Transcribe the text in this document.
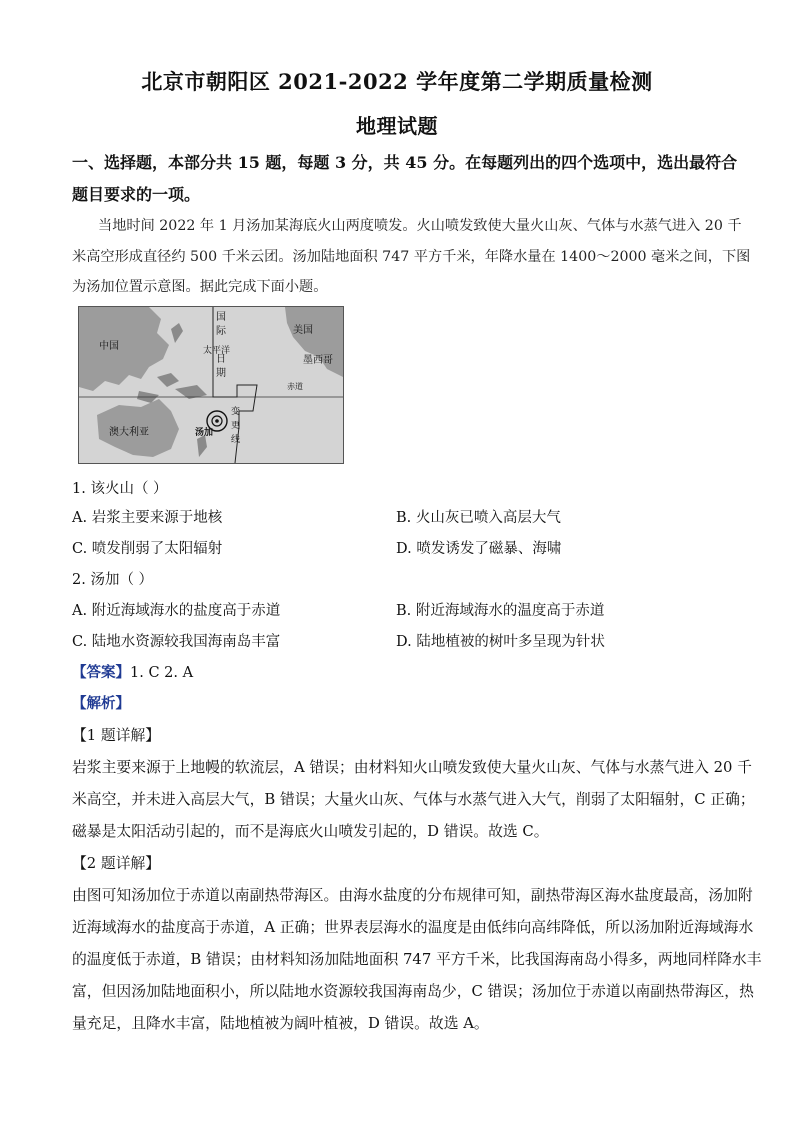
北京市朝阳区 2021-2022 学年度第二学期质量检测
地理试题
一、选择题，本部分共 15 题，每题 3 分，共 45 分。在每题列出的四个选项中，选出最符合
题目要求的一项。
当地时间 2022 年 1 月汤加某海底火山两度喷发。火山喷发致使大量火山灰、气体与水蒸气进入 20 千
米高空形成直径约 500 千米云团。汤加陆地面积 747 平方千米，年降水量在 1400～2000 毫米之间，下图
为汤加位置示意图。据此完成下面小题。
中国
美国
墨西哥
澳大利亚
赤道
国
际
日
期
太平洋
汤加
变
更
线
1. 该火山（ ）
A. 岩浆主要来源于地核	B. 火山灰已喷入高层大气
C. 喷发削弱了太阳辐射	D. 喷发诱发了磁暴、海啸
2. 汤加（ ）
A. 附近海域海水的盐度高于赤道	B. 附近海域海水的温度高于赤道
C. 陆地水资源较我国海南岛丰富	D. 陆地植被的树叶多呈现为针状
【答案】1. C 2. A
【解析】
【1 题详解】
岩浆主要来源于上地幔的软流层，A 错误；由材料知火山喷发致使大量火山灰、气体与水蒸气进入 20 千
米高空，并未进入高层大气，B 错误；大量火山灰、气体与水蒸气进入大气，削弱了太阳辐射，C 正确；
磁暴是太阳活动引起的，而不是海底火山喷发引起的，D 错误。故选 C。
【2 题详解】
由图可知汤加位于赤道以南副热带海区。由海水盐度的分布规律可知，副热带海区海水盐度最高，汤加附
近海域海水的盐度高于赤道，A 正确；世界表层海水的温度是由低纬向高纬降低，所以汤加附近海域海水
的温度低于赤道，B 错误；由材料知汤加陆地面积 747 平方千米，比我国海南岛小得多，两地同样降水丰
富，但因汤加陆地面积小，所以陆地水资源较我国海南岛少，C 错误；汤加位于赤道以南副热带海区，热
量充足，且降水丰富，陆地植被为阔叶植被，D 错误。故选 A。
